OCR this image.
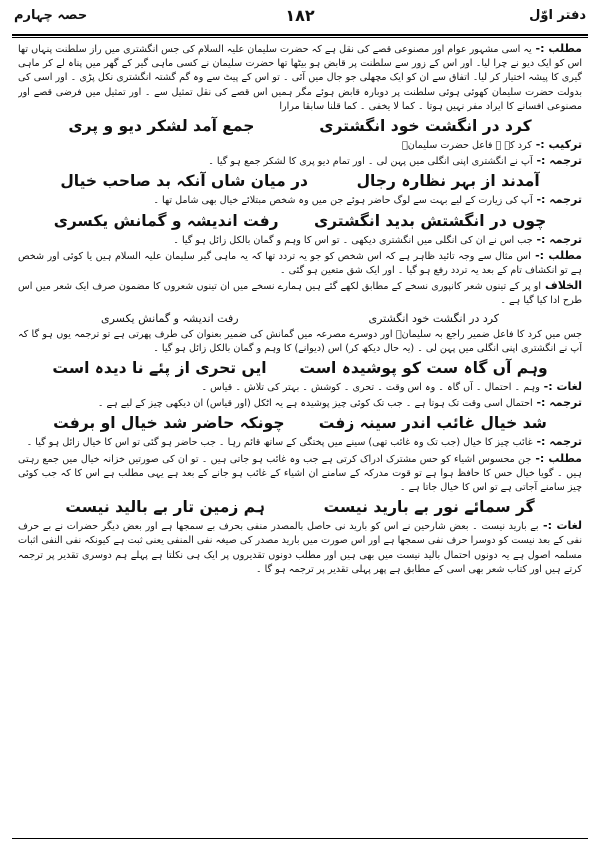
دفتر اوّل
١٨٢
حصہ چہارم

مطلب :- یہ اسی مشہور عوام اور مصنوعی قصے کی نقل ہے کہ حضرت سلیمان علیہ السلام کی جس انگشتری میں راز سلطنت پنہاں تھا اس کو ایک دیو نے چرا لیا۔ اور اس کے زور سے سلطنت پر قابض ہو بیٹھا تھا حضرت سلیمان نے کسی ماہی گیر کے گھر میں پناہ لے کر ماہی گیری کا پیشہ اختیار کر لیا۔ اتفاق سے ان کو ایک مچھلی جو جال میں آئی ۔ تو اس کے پیٹ سے وہ گم گشتہ انگشتری نکل پڑی ۔ اور اسی کی بدولت حضرت سلیمان کھوئی ہوئی سلطنت پر دوبارہ قابض ہوئے مگر ہمیں اس قصے کی نقل تمثیل سے ۔ اور تمثیل میں فرضی قصے اور مصنوعی افسانے کا ایراد مفر نہیں ہوتا ۔ کما لا یخفی ۔ کما قلنا سابقا مرارا

کرد در انگشت خود انگشتری
جمع آمد لشکر دیو و پری

ترکیب :- کرد کے ۔ فاعل حضرت سلیمانؑ

ترجمہ :- آپ نے انگشتری اپنی انگلی میں پہن لی ۔ اور تمام دیو پری کا لشکر جمع ہو گیا ۔

آمدند از بہر نظارہ رجال
در میان شاں آنکہ بد صاحب خیال

ترجمہ :- آپ کی زیارت کے لیے بہت سے لوگ حاضر ہوئے جن میں وہ شخص مبتلائے خیال بھی شامل تھا ۔

چوں در انگشتش بدید انگشتری
رفت اندیشہ و گمانش یکسری

ترجمہ :- جب اس نے ان کی انگلی میں انگشتری دیکھی ۔ تو اس کا وہم و گمان بالکل زائل ہو گیا ۔

مطلب :- اس مثال سے وجہ تائید ظاہر ہے کہ اس شخص کو جو یہ تردد تھا کہ یہ ماہی گیر سلیمان علیہ السلام ہیں یا کوئی اور شخص ہے تو انکشاف تام کے بعد یہ تردد رفع ہو گیا ۔ اور ایک شق متعین ہو گئی ۔

الخلاف او پر کے تینوں شعر کانپوری نسخے کے مطابق لکھے گئے ہیں ہمارے نسخے میں ان تینوں شعروں کا مضمون صرف ایک شعر میں اس طرح ادا کیا گیا ہے ۔

کرد در انگشت خود انگشتری
رفت اندیشہ و گمانش یکسری

جس میں کرد کا فاعل ضمیر راجع بہ سلیمانؑ اور دوسرے مصرعہ میں گمانش کی ضمیر بعنوان کی طرف پھرتی ہے تو ترجمہ یوں ہو گا کہ آپ نے انگشتری اپنی انگلی میں پہن لی ۔ (یہ حال دیکھ کر) اس (دیوانے) کا وہم و گمان بالکل زائل ہو گیا ۔

وہم آں گاہ ست کو پوشیدہ است
ایں تحری از پئے نا دیدہ است

لغات :- وہم ۔ احتمال ۔ آں گاہ ۔ وہ اس وقت ۔ تحری ۔ کوشش ۔ بہتر کی تلاش ۔ قیاس ۔

ترجمہ :- احتمال اسی وقت تک ہوتا ہے ۔ جب تک کوئی چیز پوشیدہ ہے یہ اٹکل (اور قیاس) ان دیکھی چیز کے لیے ہے ۔

شد خیال غائب اندر سینہ زفت
چونکہ حاضر شد خیال او برفت

ترجمہ :- غائب چیز کا خیال (جب تک وہ غائب تھی) سینے میں پختگی کے ساتھ قائم رہا ۔ جب حاضر ہو گئی تو اس کا خیال زائل ہو گیا ۔

مطلب :- جن محسوس اشیاء کو حس مشترک ادراک کرتی ہے جب وہ غائب ہو جاتی ہیں ۔ تو ان کی صورتیں خزانہ خیال میں جمع رہتی ہیں ۔ گویا خیال حس کا حافظ ہوا ہے تو قوت مدرکہ کے سامنے ان اشیاء کے غائب ہو جانے کے بعد ہے یہی مطلب ہے اس کا کہ جب کوئی چیز سامنے آجاتی ہے تو اس کا خیال جاتا ہے ۔

گر سمائے نور بے بارید نیست
ہم زمین تار بے بالید نیست

لغات :- بے بارید نیست ۔ بعض شارحین نے اس کو بارید نی حاصل بالمصدر منفی بحرف بے سمجھا ہے اور بعض دیگر حضرات نے بے حرف نفی کے بعد نیست کو دوسرا حرف نفی سمجھا ہے اور اس صورت میں بارید مصدر کی صیغہ نفی المنفی یعنی ثبت ہے کیونکہ نفی النفی اثبات مسلمہ اصول ہے یہ دونوں احتمال بالید نیست میں بھی ہیں اور مطلب دونوں تقدیروں پر ایک ہی نکلتا ہے پہلے ہم دوسری تقدیر پر ترجمہ کرتے ہیں اور کتاب شعر بھی اسی کے مطابق ہے پھر پہلی تقدیر پر ترجمہ ہو گا ۔
